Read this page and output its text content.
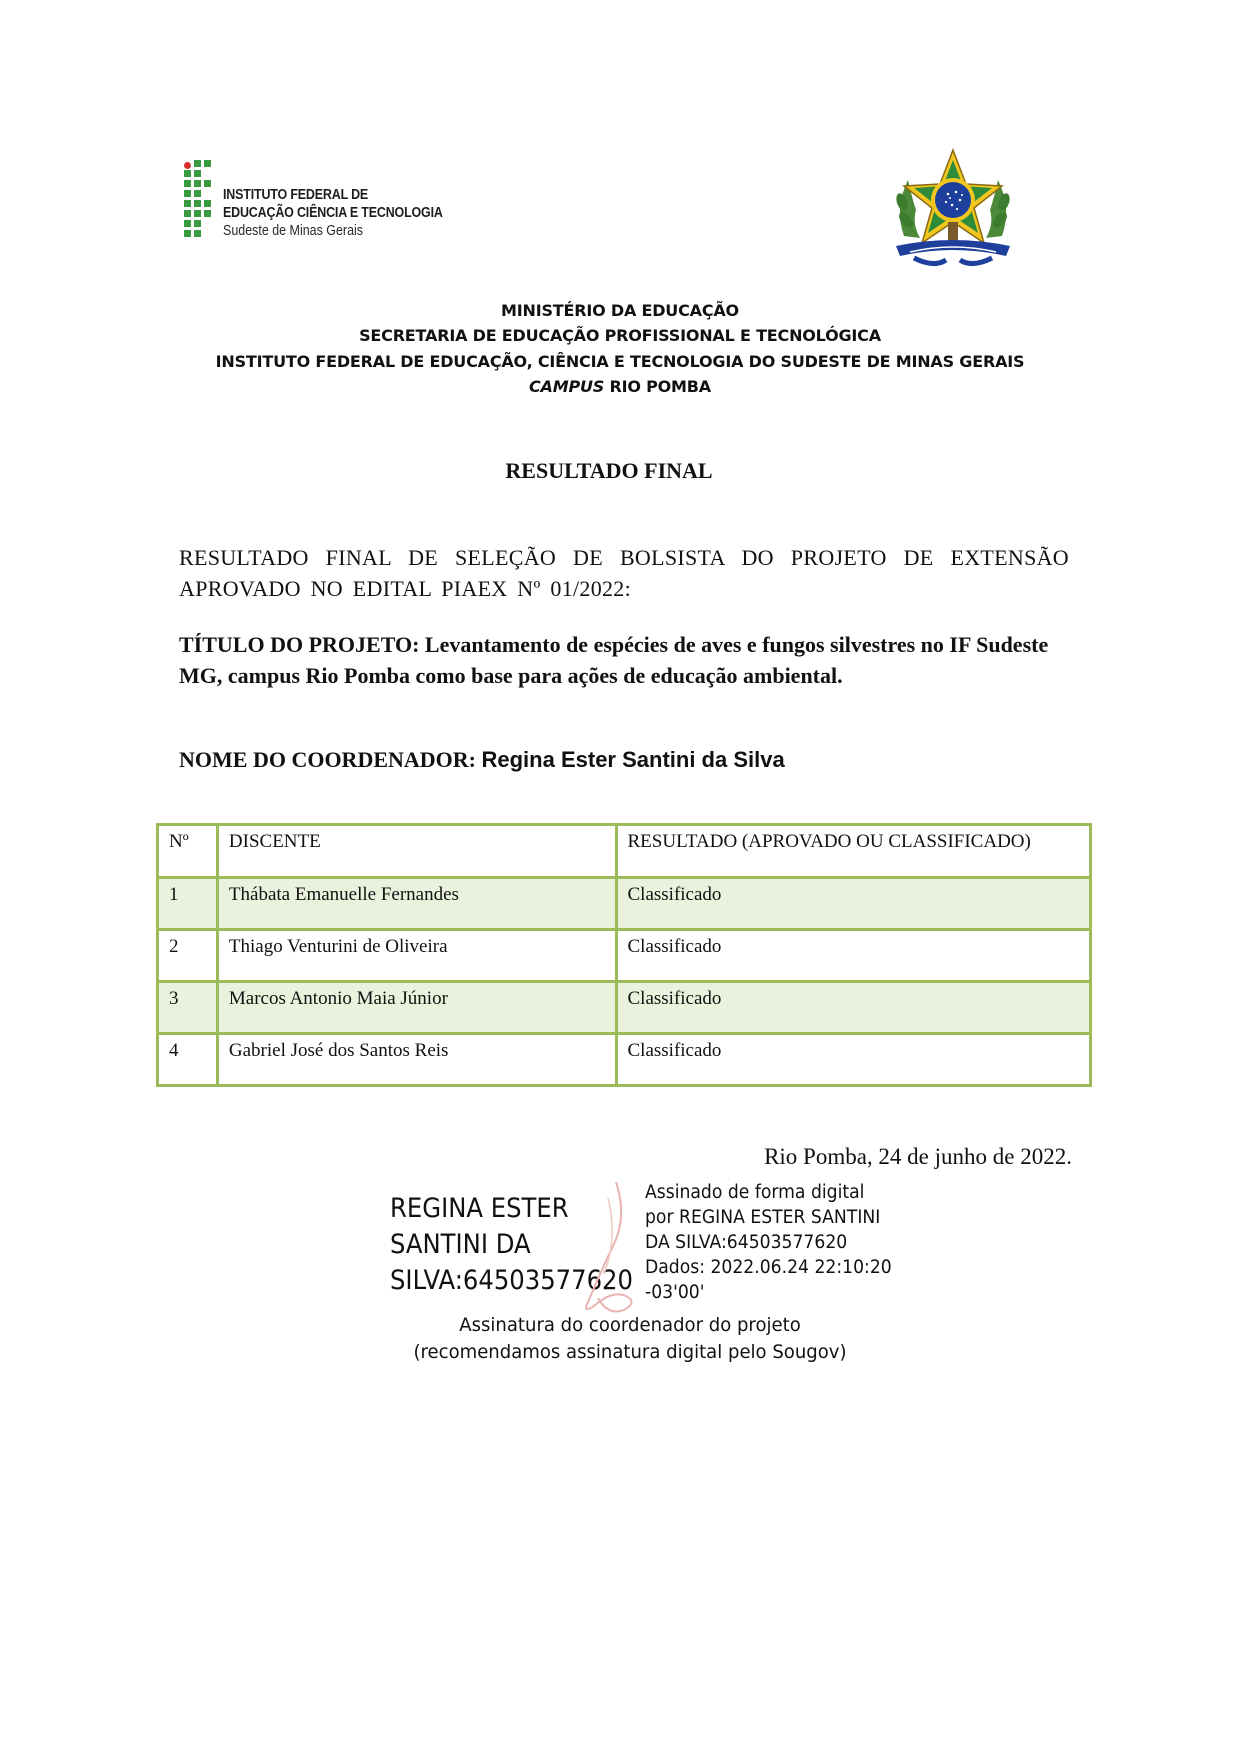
INSTITUTO FEDERAL DE
EDUCAÇÃO CIÊNCIA E TECNOLOGIA
Sudeste de Minas Gerais
MINISTÉRIO DA EDUCAÇÃO
SECRETARIA DE EDUCAÇÃO PROFISSIONAL E TECNOLÓGICA
INSTITUTO FEDERAL DE EDUCAÇÃO, CIÊNCIA E TECNOLOGIA DO SUDESTE DE MINAS GERAIS
CAMPUS RIO POMBA
RESULTADO FINAL
RESULTADO FINAL DE SELEÇÃO DE BOLSISTA DO PROJETO DE EXTENSÃO APROVADO NO EDITAL PIAEX Nº 01/2022:
TÍTULO DO PROJETO: Levantamento de espécies de aves e fungos silvestres no IF Sudeste MG, campus Rio Pomba como base para ações de educação ambiental.
NOME DO COORDENADOR: Regina Ester Santini da Silva
Nº	DISCENTE	RESULTADO (APROVADO OU CLASSIFICADO)
1	Thábata Emanuelle Fernandes	Classificado
2	Thiago Venturini de Oliveira	Classificado
3	Marcos Antonio Maia Júnior	Classificado
4	Gabriel José dos Santos Reis	Classificado
Rio Pomba, 24 de junho de 2022.
REGINA ESTER
SANTINI DA
SILVA:64503577620
Assinado de forma digital
por REGINA ESTER SANTINI
DA SILVA:64503577620
Dados: 2022.06.24 22:10:20
-03'00'
Assinatura do coordenador do projeto
(recomendamos assinatura digital pelo Sougov)
